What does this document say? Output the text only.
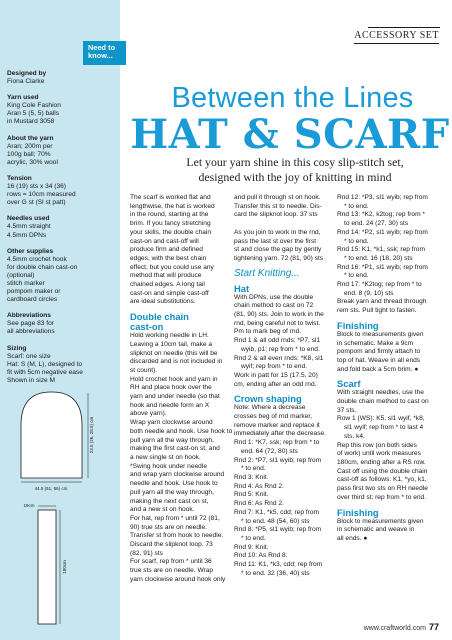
Need to
know...
Designed by
Fiona Clarke
Yarn used
King Cole Fashion
Aran 5 (5, 5) balls
in Mustard 3058
About the yarn
Aran; 200m per
100g ball; 70%
acrylic, 30% wool
Tension
16 (19) sts x 34 (36)
rows = 10cm measured
over G st (Sl st patt)
Needles used
4.5mm straight
4.5mm DPNs
Other supplies
4.5mm crochet hook
for double chain cast-on
(optional)
stitch marker
pompom maker or
cardboard circles
Abbreviations
See page 83 for
all abbreviations
Sizing
Scarf: one size
Hat: S (M, L), designed to
fit with 5cm negative ease
Shown in size M
23.5 (26, 28.5) cm
44.5 (51, 56) cm
19cm
180cm
ACCESSORY SET
Between the Lines
HAT & SCARF
Let your yarn shine in this cosy slip-stitch set,
designed with the joy of knitting in mind
The scarf is worked flat and
lengthwise, the hat is worked
in the round, starting at the
brim. If you fancy stretching
your skills, the double chain
cast-on and cast-off will
produce firm and defined
edges, with the best chain
effect, but you could use any
method that will produce
chained edges. A long tail
cast-on and simple cast-off
are ideal substitutions.
Double chain
cast-on
Hold working needle in LH.
Leaving a 10cm tail, make a
slipknot on needle (this will be
discarded and is not included in
st count).
Hold crochet hook and yarn in
RH and place hook over the
yarn and under needle (so that
hook and needle form an X
above yarn).
Wrap yarn clockwise around
both needle and hook. Use hook to
pull yarn all the way through,
making the first cast-on st, and
a new single st on hook.
*Swing hook under needle
and wrap yarn clockwise around
needle and hook. Use hook to
pull yarn all the way through,
making the next cast on st,
and a new st on hook.
For hat, rep from * until 72 (81,
90) true sts are on needle.
Transfer st from hook to needle.
Discard the slipknot loop. 73
(82, 91) sts
For scarf, rep from * until 36
true sts are on needle. Wrap
yarn clockwise around hook only
and pull it through st on hook.
Transfer this st to needle. Dis-
card the slipknot loop. 37 sts

As you join to work in the rnd,
pass the last st over the first
st and close the gap by gently
tightening yarn. 72 (81, 90) sts
Start Knitting...
Hat
With DPNs, use the double
chain method to cast on 72
(81, 90) sts. Join to work in the
rnd, being careful not to twist.
Pm to mark beg of rnd.
Rnd 1 & all odd rnds: *P7, sl1
wyib, p1; rep from * to end.
Rnd 2 & all even rnds: *K8, sl1
wyif; rep from * to end.
Work in patt for 15 (17.5, 20)
cm, ending after an odd rnd.
Crown shaping
Note: Where a decrease
crosses beg of rnd marker,
remove marker and replace it
immediately after the decrease.
Rnd 1: *K7, ssk; rep from * to
end. 64 (72, 80) sts
Rnd 2: *P7, sl1 wyib; rep from
* to end.
Rnd 3: Knit.
Rnd 4: As Rnd 2.
Rnd 5: Knit.
Rnd 6: As Rnd 2.
Rnd 7: K1, *k5, cdd; rep from
* to end. 48 (54, 60) sts
Rnd 8: *P5, sl1 wyib; rep from
* to end.
Rnd 9: Knit.
Rnd 10: As Rnd 8.
Rnd 11: K1, *k3, cdd; rep from
* to end. 32 (36, 40) sts
Rnd 12: *P3, sl1 wyib; rep from
* to end.
Rnd 13: *K2, k2tog; rep from *
to end. 24 (27, 30) sts
Rnd 14: *P2, sl1 wyib; rep from
* to end.
Rnd 15: K1, *k1, ssk; rep from
* to end. 16 (18, 20) sts
Rnd 16: *P1, sl1 wyib; rep from
* to end.
Rnd 17: *K2tog; rep from * to
end. 8 (9, 10) sts
Break yarn and thread through
rem sts. Pull tight to fasten.
Finishing
Block to measurements given
in schematic. Make a 9cm
pompom and firmly attach to
top of hat. Weave in all ends
and fold back a 5cm brim. ●
Scarf
With straight needles, use the
double chain method to cast on
37 sts.
Row 1 (WS): K5, sl1 wyif, *k8,
sl1 wyif; rep from * to last 4
sts, k4.
Rep this row (on both sides
of work) until work measures
180cm, ending after a RS row.
Cast off using the double chain
cast-off as follows: K1, *yo, k1,
pass first two sts on RH needle
over third st; rep from * to end.
Finishing
Block to measurements given
in schematic and weave in
all ends. ●
www.craftworld.com 77
